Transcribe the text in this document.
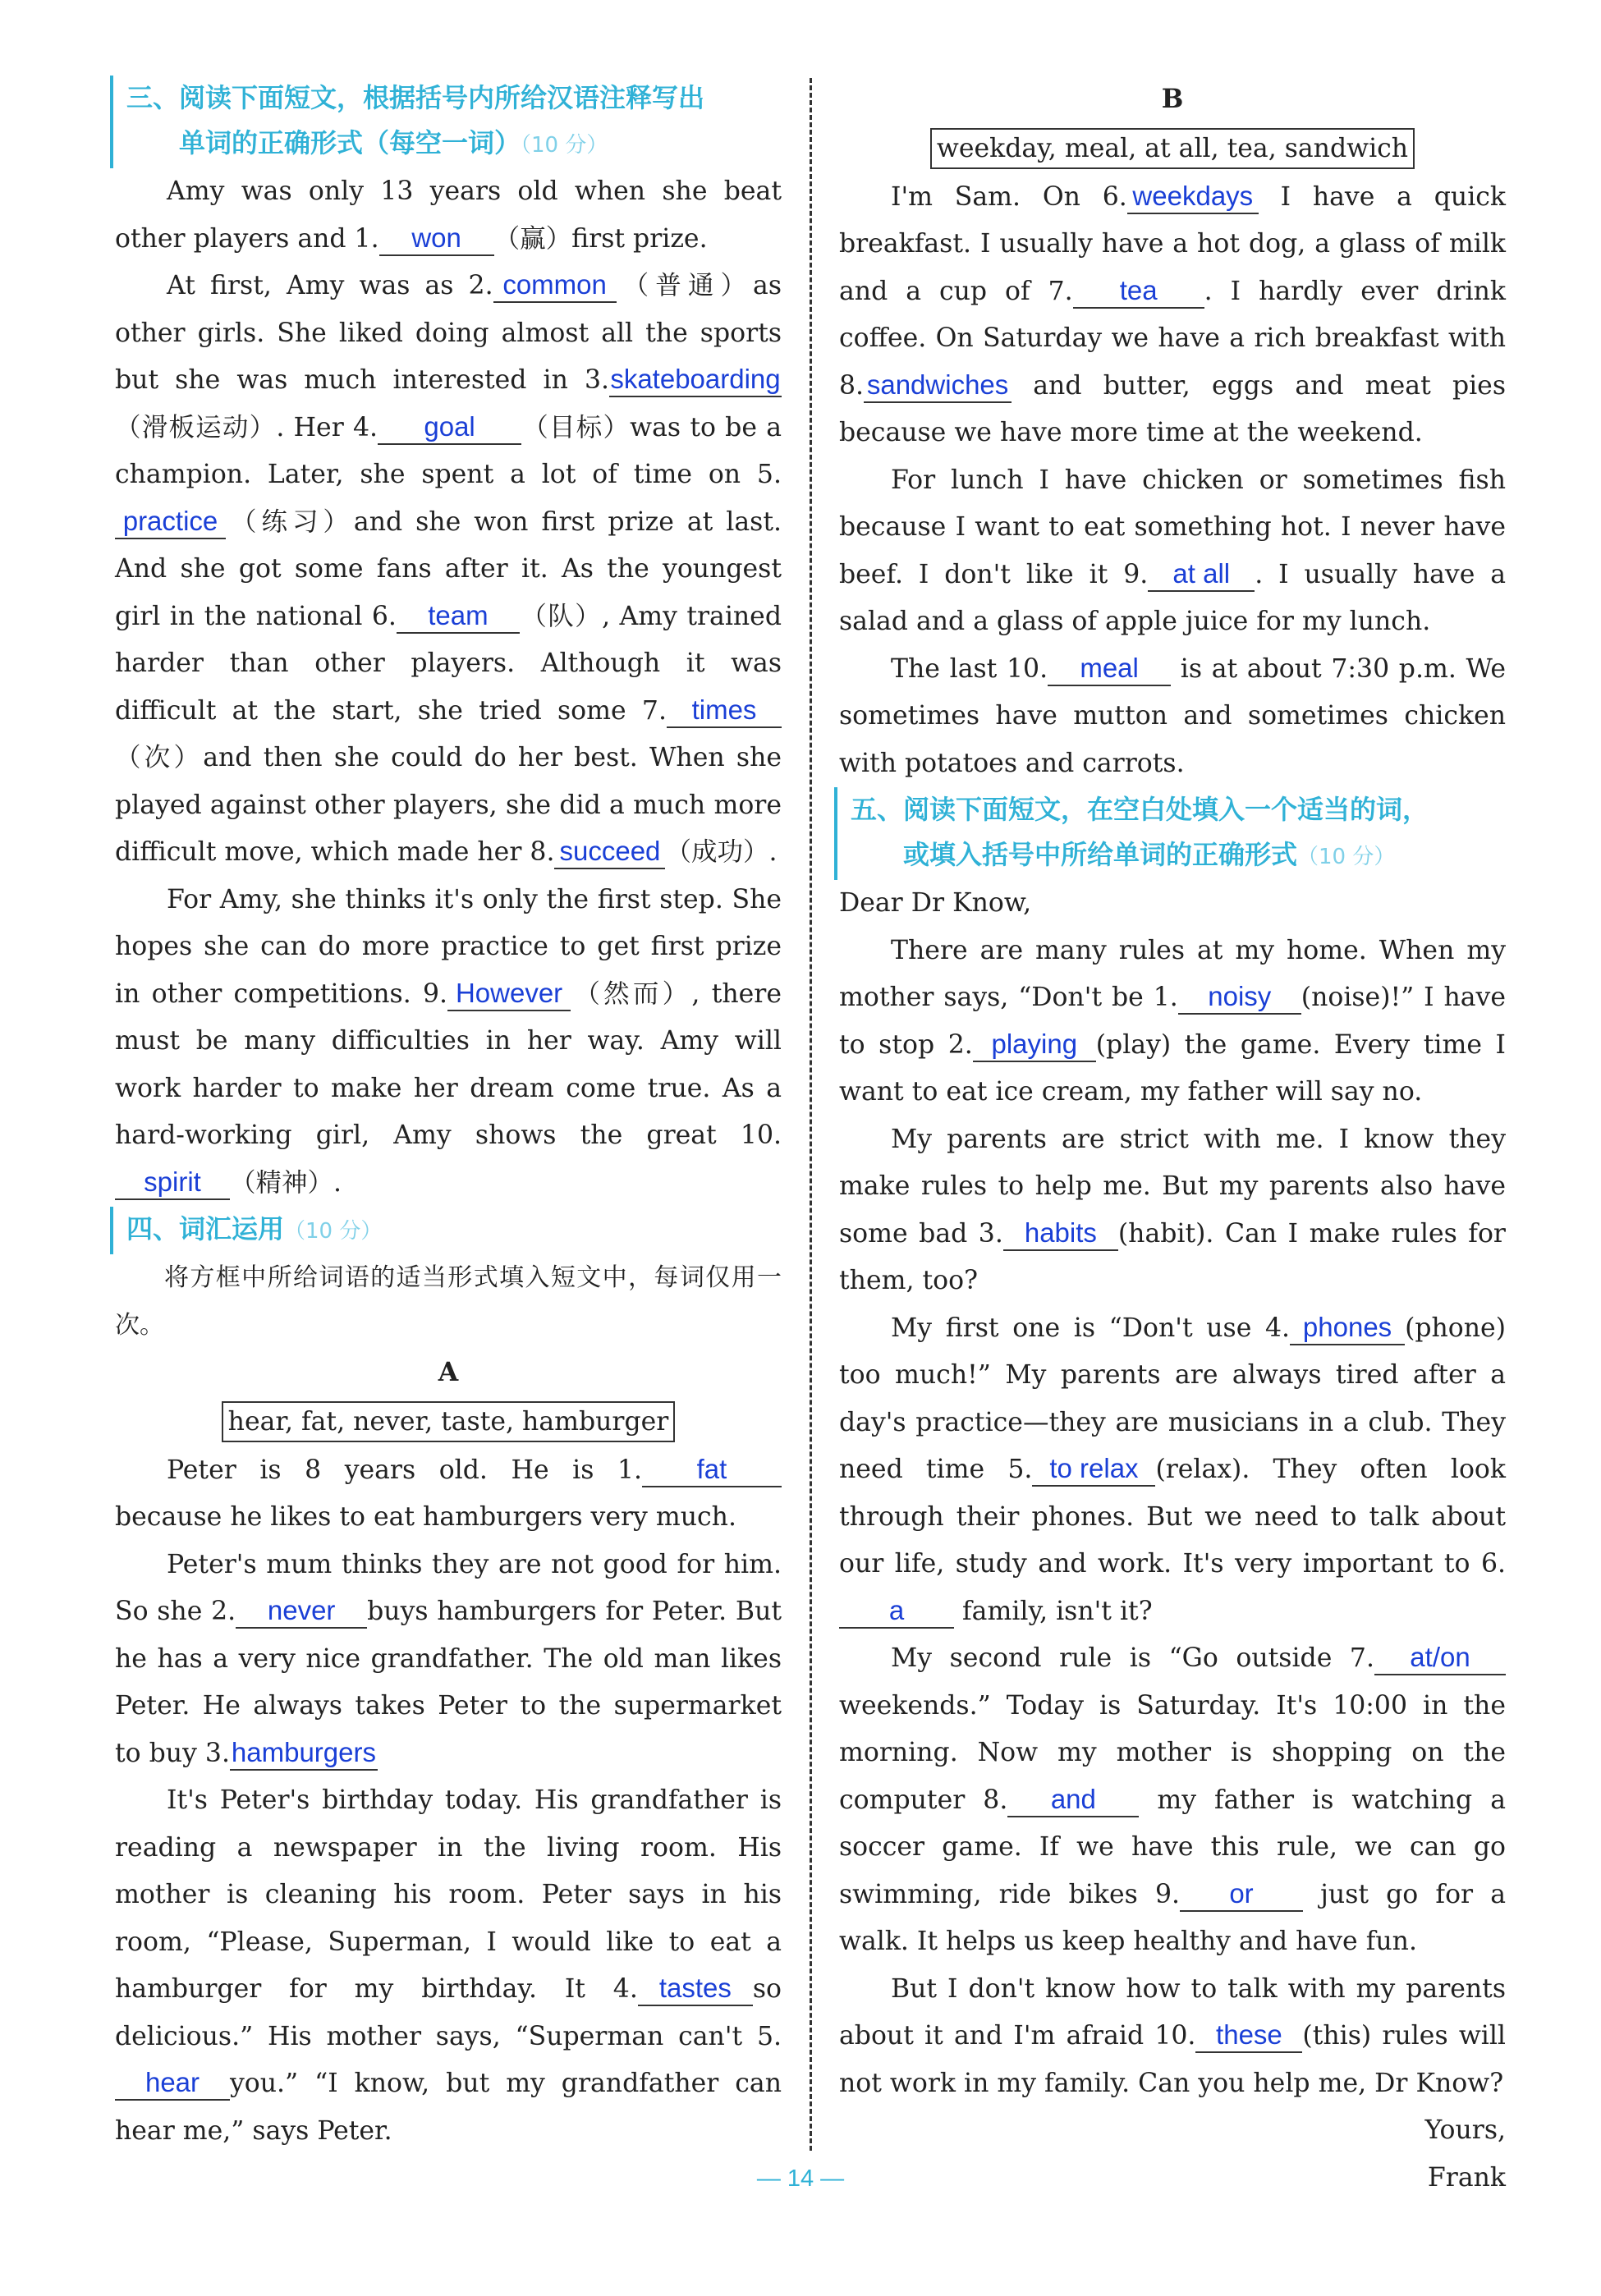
三、阅读下面短文，根据括号内所给汉语注释写出
单词的正确形式（每空一词）（10 分）

Amy was only 13 years old when she beat other players and 1. won （赢）first prize.

At first, Amy was as 2. common （普通）as other girls. She liked doing almost all the sports but she was much interested in 3.skateboarding（滑板运动）. Her 4. goal （目标）was to be a champion. Later, she spent a lot of time on 5.practice （练习）and she won first prize at last. And she got some fans after it. As the youngest girl in the national 6. team （队）, Amy trained harder than other players. Although it was difficult at the start, she tried some 7. times（次）and then she could do her best. When she played against other players, she did a much more difficult move, which made her 8. succeed （成功）.

For Amy, she thinks it's only the first step. She hopes she can do more practice to get first prize in other competitions. 9. However （然而）, there must be many difficulties in her way. Amy will work harder to make her dream come true. As a hard-working girl, Amy shows the great 10.spirit （精神）.

四、词汇运用（10 分）

将方框中所给词语的适当形式填入短文中，每词仅用一次。

A

hear, fat, never, taste, hamburger

Peter is 8 years old. He is 1. fat because he likes to eat hamburgers very much.

Peter's mum thinks they are not good for him. So she 2. never buys hamburgers for Peter. But he has a very nice grandfather. The old man likes Peter. He always takes Peter to the supermarket to buy 3.hamburgers

It's Peter's birthday today. His grandfather is reading a newspaper in the living room. His mother is cleaning his room. Peter says in his room, “Please, Superman, I would like to eat a hamburger for my birthday. It 4. tastes so delicious.” His mother says, “Superman can't 5.hear you.” “I know, but my grandfather can hear me,” says Peter.

B

weekday, meal, at all, tea, sandwich

I'm Sam. On 6. weekdays I have a quick breakfast. I usually have a hot dog, a glass of milk and a cup of 7. tea . I hardly ever drink coffee. On Saturday we have a rich breakfast with 8. sandwiches and butter, eggs and meat pies because we have more time at the weekend.

For lunch I have chicken or sometimes fish because I want to eat something hot. I never have beef. I don't like it 9. at all . I usually have a salad and a glass of apple juice for my lunch.

The last 10. meal is at about 7:30 p.m. We sometimes have mutton and sometimes chicken with potatoes and carrots.

五、阅读下面短文，在空白处填入一个适当的词，
或填入括号中所给单词的正确形式（10 分）

Dear Dr Know,

There are many rules at my home. When my mother says, “Don't be 1. noisy (noise)!” I have to stop 2. playing (play) the game. Every time I want to eat ice cream, my father will say no.

My parents are strict with me. I know they make rules to help me. But my parents also have some bad 3. habits (habit). Can I make rules for them, too?

My first one is “Don't use 4. phones (phone) too much!” My parents are always tired after a day's practice—they are musicians in a club. They need time 5. to relax (relax). They often look through their phones. But we need to talk about our life, study and work. It's very important to 6.a family, isn't it?

My second rule is “Go outside 7. at/on weekends.” Today is Saturday. It's 10:00 in the morning. Now my mother is shopping on the computer 8. and my father is watching a soccer game. If we have this rule, we can go swimming, ride bikes 9. or	just go for a walk. It helps us keep healthy and have fun.

But I don't know how to talk with my parents about it and I'm afraid 10. these (this) rules will not work in my family. Can you help me, Dr Know?

Yours,

Frank

— 14 —
